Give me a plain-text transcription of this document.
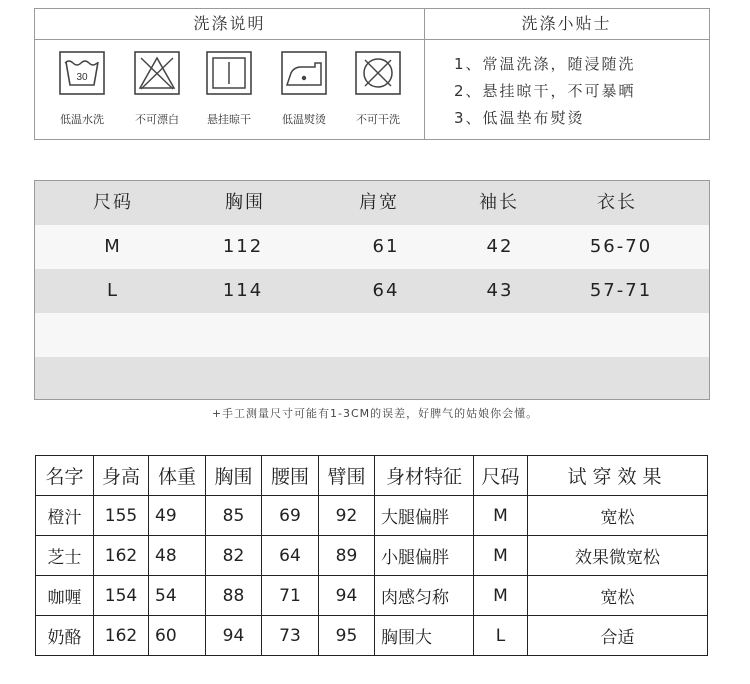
洗涤说明
30
低温水洗	不可漂白	悬挂晾干	低温熨烫	不可干洗
洗涤小贴士
1、常温洗涤，随浸随洗
2、悬挂晾干，不可暴晒
3、低温垫布熨烫
尺码	胸围	肩宽	袖长	衣长
M	112	61	42	56-70
L	114	64	43	57-71
+手工测量尺寸可能有1-3CM的误差，好脾气的姑娘你会懂。
名字	身高	体重	胸围	腰围	臂围	身材特征	尺码	试穿效果
橙汁	155	49	85	69	92	大腿偏胖	M	宽松
芝士	162	48	82	64	89	小腿偏胖	M	效果微宽松
咖喱	154	54	88	71	94	肉感匀称	M	宽松
奶酪	162	60	94	73	95	胸围大	L	合适
